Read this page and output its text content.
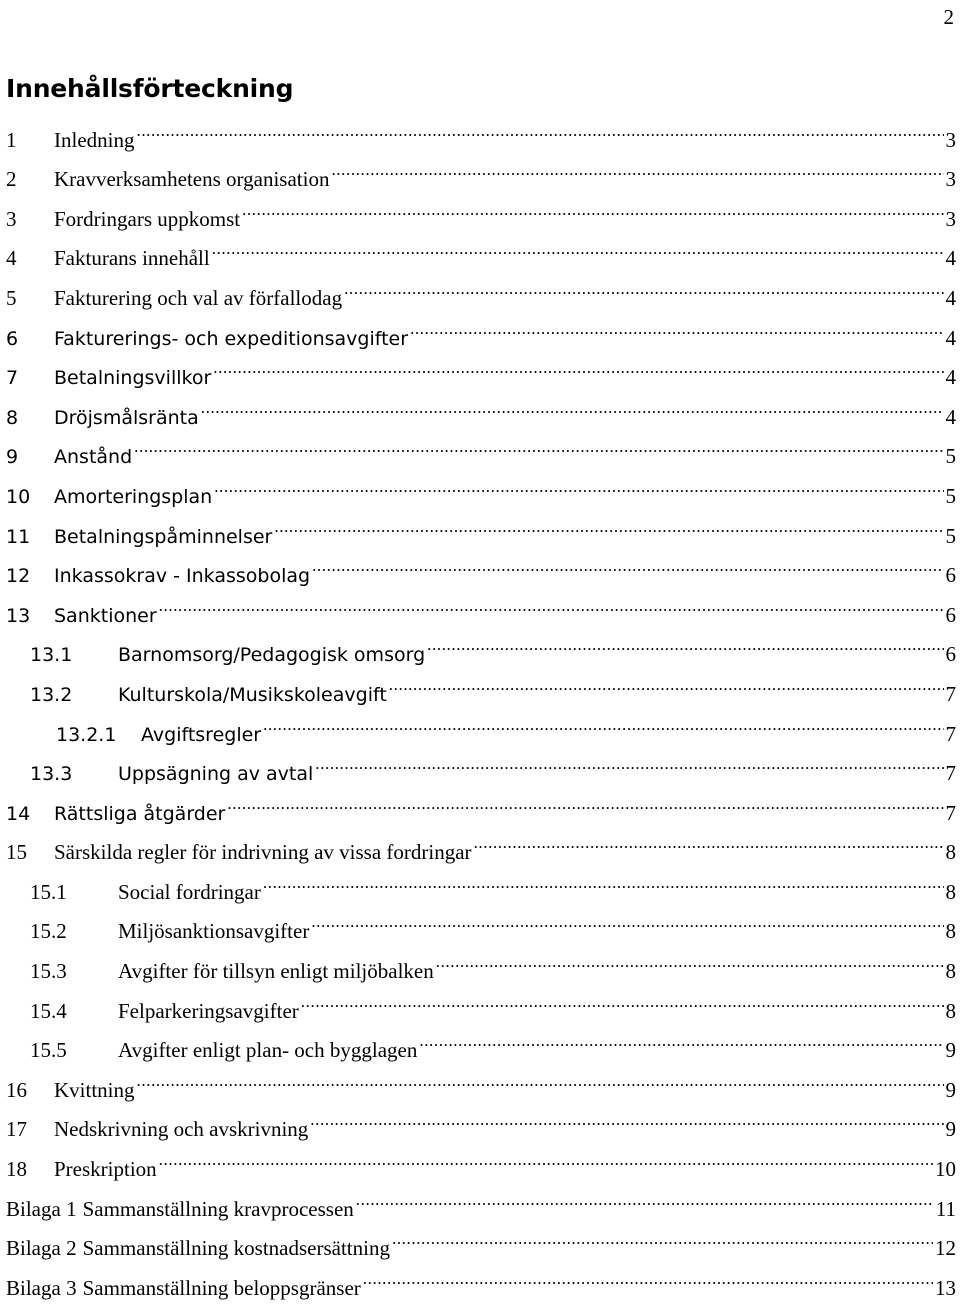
2
Innehållsförteckning
1	Inledning .....	3
2	Kravverksamhetens organisation .....	3
3	Fordringars uppkomst .....	3
4	Fakturans innehåll .....	4
5	Fakturering och val av förfallodag .....	4
6	Fakturerings- och expeditionsavgifter .....	4
7	Betalningsvillkor .....	4
8	Dröjsmålsränta .....	4
9	Anstånd .....	5
10	Amorteringsplan .....	5
11	Betalningspåminnelser .....	5
12	Inkassokrav - Inkassobolag .....	6
13	Sanktioner .....	6
13.1	Barnomsorg/Pedagogisk omsorg .....	6
13.2	Kulturskola/Musikskoleavgift .....	7
13.2.1	Avgiftsregler .....	7
13.3	Uppsägning av avtal .....	7
14	Rättsliga åtgärder .....	7
15	Särskilda regler för indrivning av vissa fordringar .....	8
15.1	Social fordringar .....	8
15.2	Miljösanktionsavgifter .....	8
15.3	Avgifter för tillsyn enligt miljöbalken .....	8
15.4	Felparkeringsavgifter .....	8
15.5	Avgifter enligt plan- och bygglagen .....	9
16	Kvittning .....	9
17	Nedskrivning och avskrivning .....	9
18	Preskription .....	10
Bilaga 1 Sammanställning kravprocessen .....	11
Bilaga 2 Sammanställning kostnadsersättning .....	12
Bilaga 3 Sammanställning beloppsgränser .....	13
